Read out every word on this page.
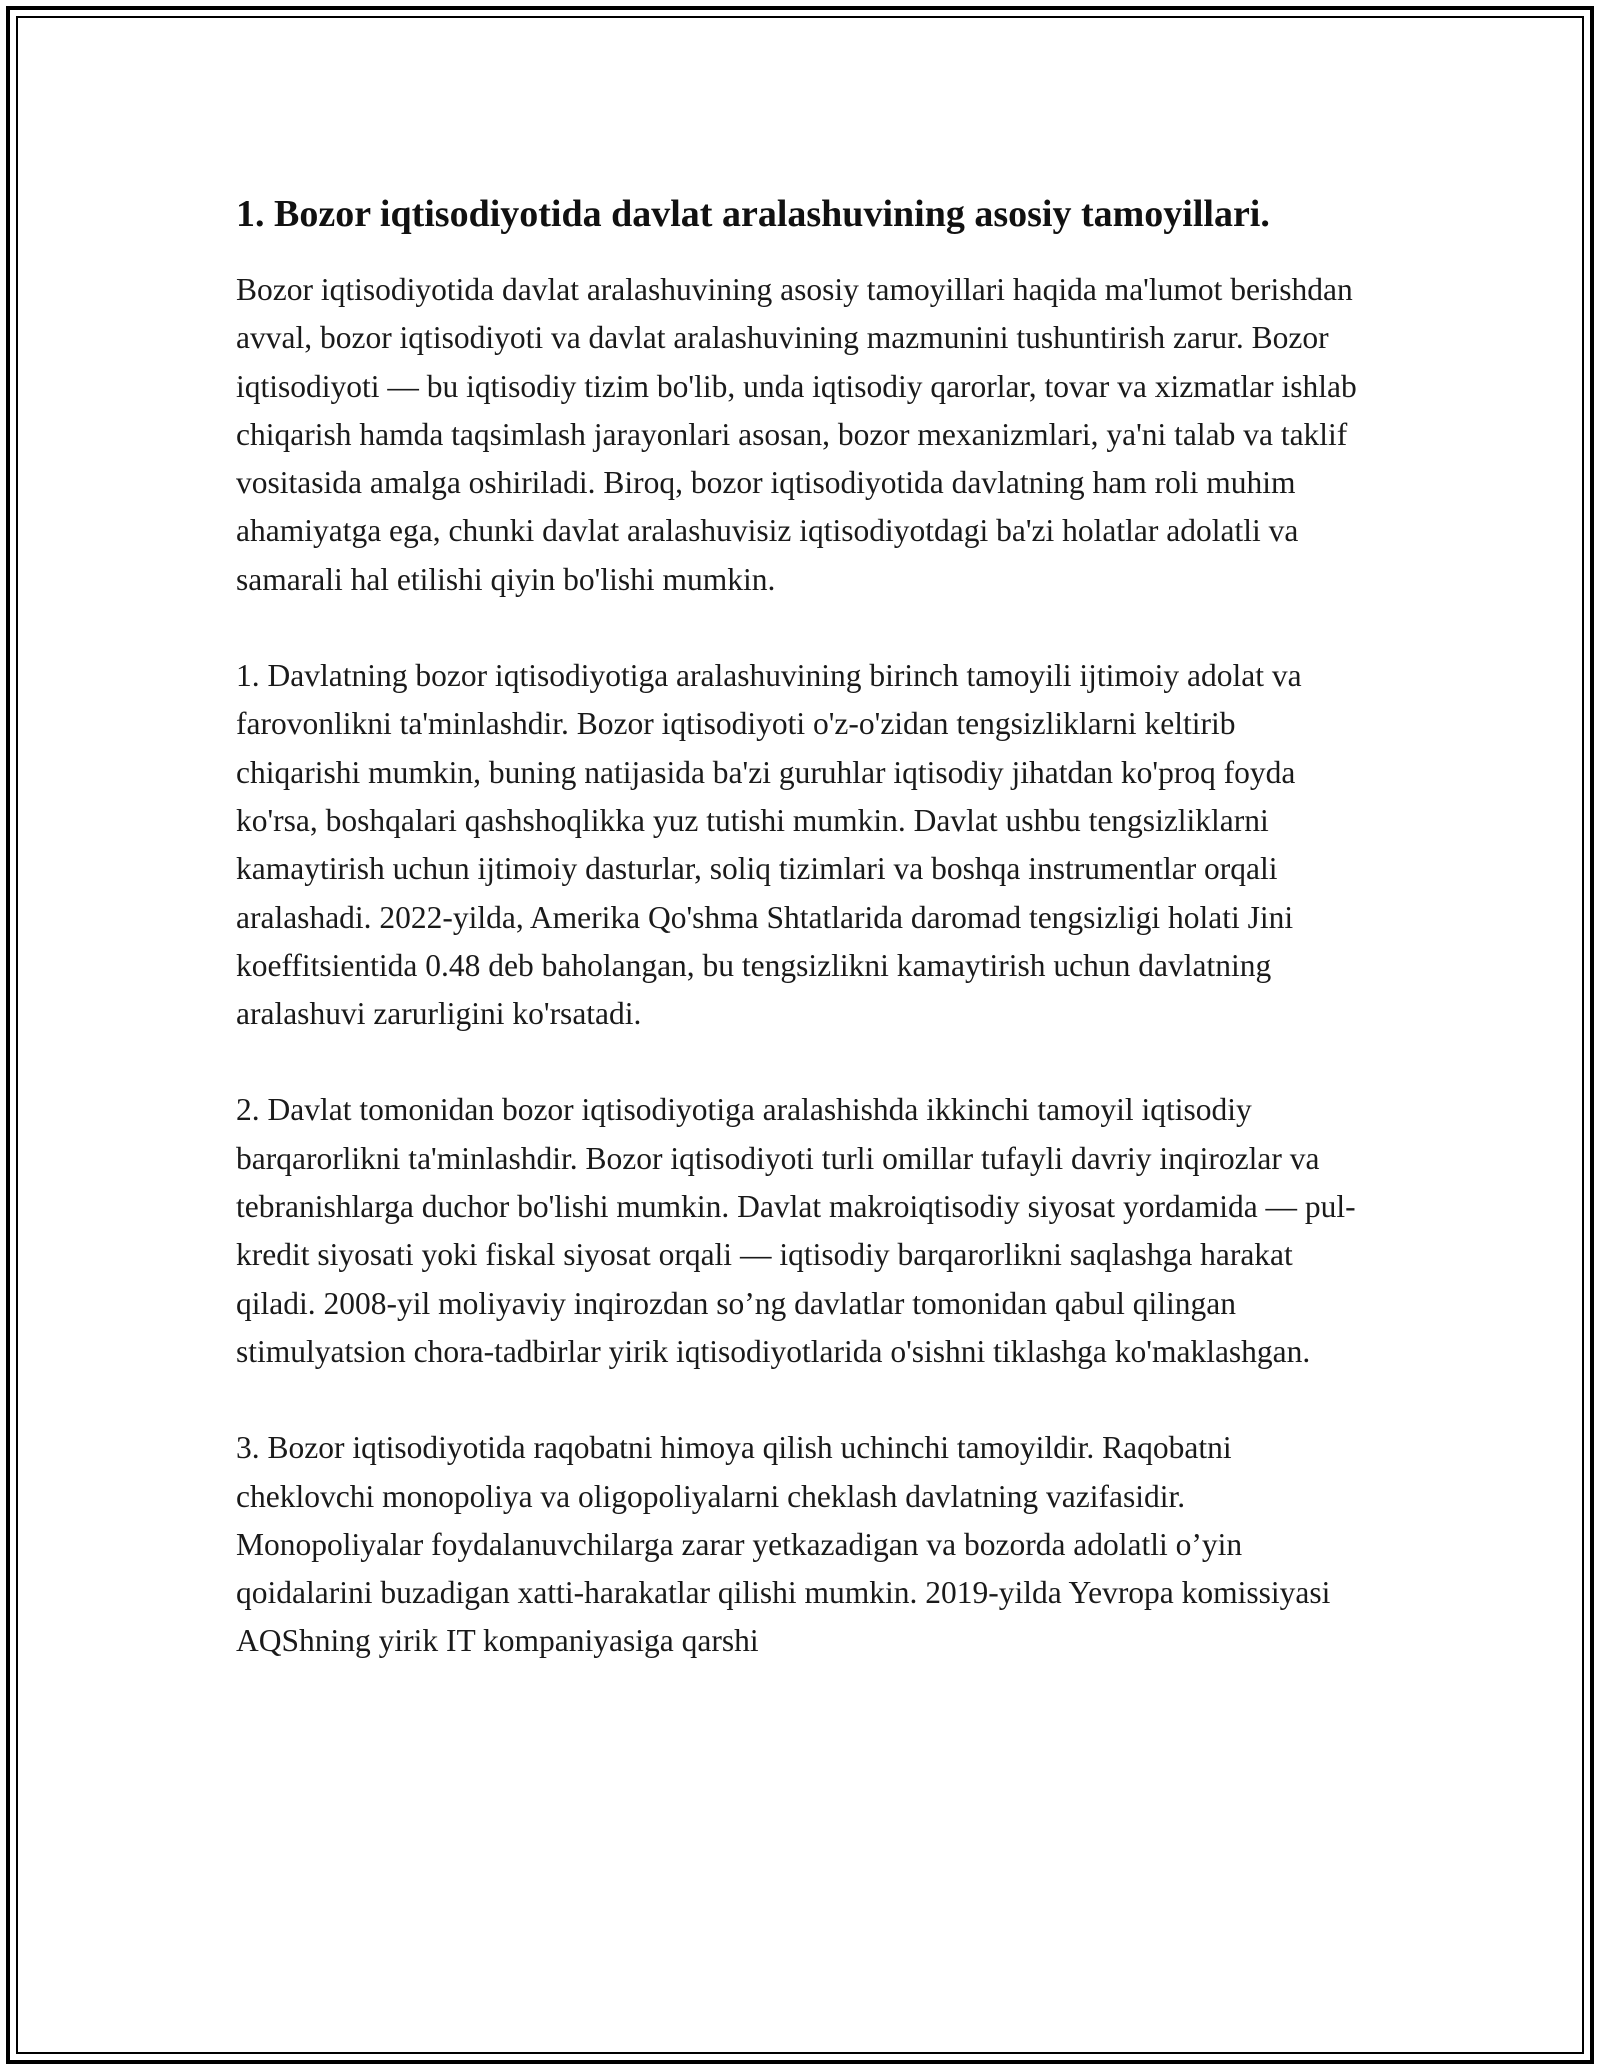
1. Bozor iqtisodiyotida davlat aralashuvining asosiy tamoyillari.

Bozor iqtisodiyotida davlat aralashuvining asosiy tamoyillari haqida ma'lumot berishdan avval, bozor iqtisodiyoti va davlat aralashuvining mazmunini tushuntirish zarur. Bozor iqtisodiyoti — bu iqtisodiy tizim bo'lib, unda iqtisodiy qarorlar, tovar va xizmatlar ishlab chiqarish hamda taqsimlash jarayonlari asosan, bozor mexanizmlari, ya'ni talab va taklif vositasida amalga oshiriladi. Biroq, bozor iqtisodiyotida davlatning ham roli muhim ahamiyatga ega, chunki davlat aralashuvisiz iqtisodiyotdagi ba'zi holatlar adolatli va samarali hal etilishi qiyin bo'lishi mumkin.

1. Davlatning bozor iqtisodiyotiga aralashuvining birinch tamoyili ijtimoiy adolat va farovonlikni ta'minlashdir. Bozor iqtisodiyoti o'z-o'zidan tengsizliklarni keltirib chiqarishi mumkin, buning natijasida ba'zi guruhlar iqtisodiy jihatdan ko'proq foyda ko'rsa, boshqalari qashshoqlikka yuz tutishi mumkin. Davlat ushbu tengsizliklarni kamaytirish uchun ijtimoiy dasturlar, soliq tizimlari va boshqa instrumentlar orqali aralashadi. 2022-yilda, Amerika Qo'shma Shtatlarida daromad tengsizligi holati Jini koeffitsientida 0.48 deb baholangan, bu tengsizlikni kamaytirish uchun davlatning aralashuvi zarurligini ko'rsatadi.

2. Davlat tomonidan bozor iqtisodiyotiga aralashishda ikkinchi tamoyil iqtisodiy barqarorlikni ta'minlashdir. Bozor iqtisodiyoti turli omillar tufayli davriy inqirozlar va tebranishlarga duchor bo'lishi mumkin. Davlat makroiqtisodiy siyosat yordamida — pul-kredit siyosati yoki fiskal siyosat orqali — iqtisodiy barqarorlikni saqlashga harakat qiladi. 2008-yil moliyaviy inqirozdan so’ng davlatlar tomonidan qabul qilingan stimulyatsion chora-tadbirlar yirik iqtisodiyotlarida o'sishni tiklashga ko'maklashgan.

3. Bozor iqtisodiyotida raqobatni himoya qilish uchinchi tamoyildir. Raqobatni cheklovchi monopoliya va oligopoliyalarni cheklash davlatning vazifasidir. Monopoliyalar foydalanuvchilarga zarar yetkazadigan va bozorda adolatli o’yin qoidalarini buzadigan xatti-harakatlar qilishi mumkin. 2019-yilda Yevropa komissiyasi AQShning yirik IT kompaniyasiga qarshi
